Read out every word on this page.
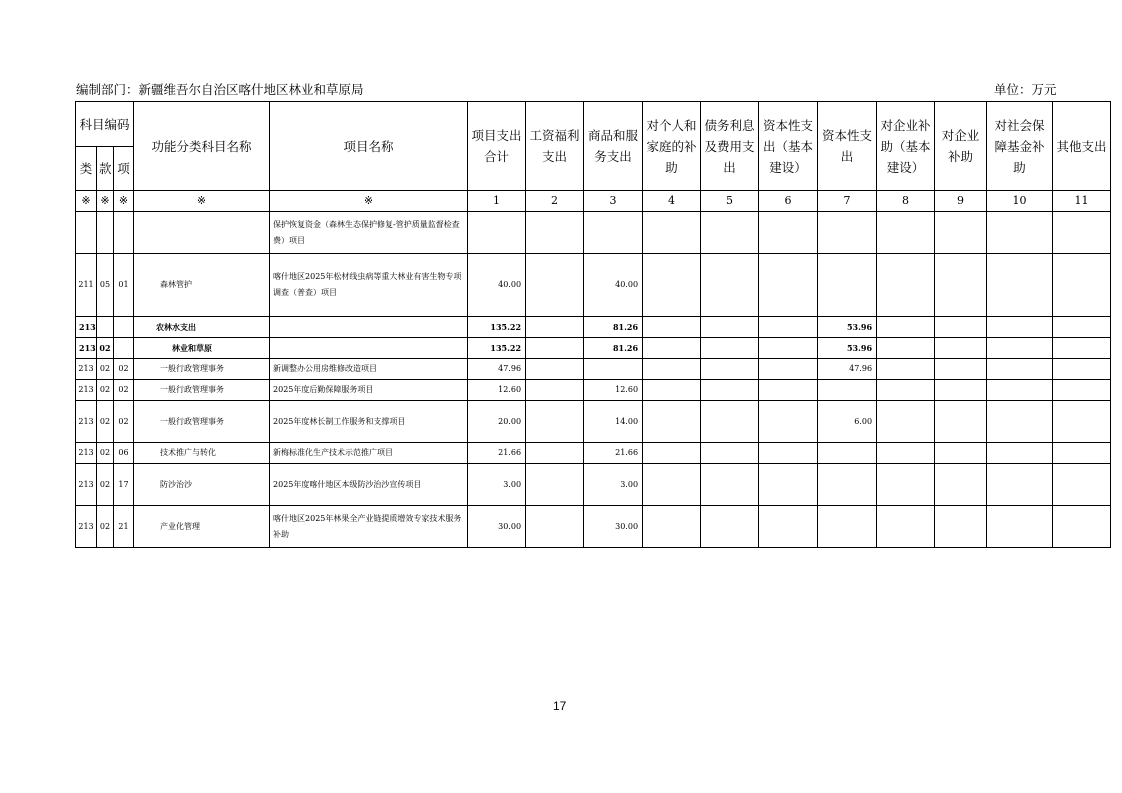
编制部门：新疆维吾尔自治区喀什地区林业和草原局	单位：万元
科目编码			功能分类科目名称	项目名称	项目支出合计	工资福利支出	商品和服务支出	对个人和家庭的补助	债务利息及费用支出	资本性支出（基本建设）	资本性支出	对企业补助（基本建设）	对企业补助	对社会保障基金补助	其他支出
类	款	项													
※	※	※	※	※	1	2	3	4	5	6	7	8	9	10	11
				保护恢复资金（森林生态保护修复-管护质量监督检查费）项目											
211	05	01	森林管护	喀什地区2025年松材线虫病等重大林业有害生物专项调查（普查）项目	40.00		40.00								
213			农林水支出		135.22		81.26				53.96				
213	02		林业和草原		135.22		81.26				53.96				
213	02	02	一般行政管理事务	新调整办公用房维修改造项目	47.96						47.96				
213	02	02	一般行政管理事务	2025年度后勤保障服务项目	12.60		12.60								
213	02	02	一般行政管理事务	2025年度林长制工作服务和支撑项目	20.00		14.00				6.00				
213	02	06	技术推广与转化	新梅标准化生产技术示范推广项目	21.66		21.66								
213	02	17	防沙治沙	2025年度喀什地区本级防沙治沙宣传项目	3.00		3.00								
213	02	21	产业化管理	喀什地区2025年林果全产业链提质增效专家技术服务补助	30.00		30.00								
17
